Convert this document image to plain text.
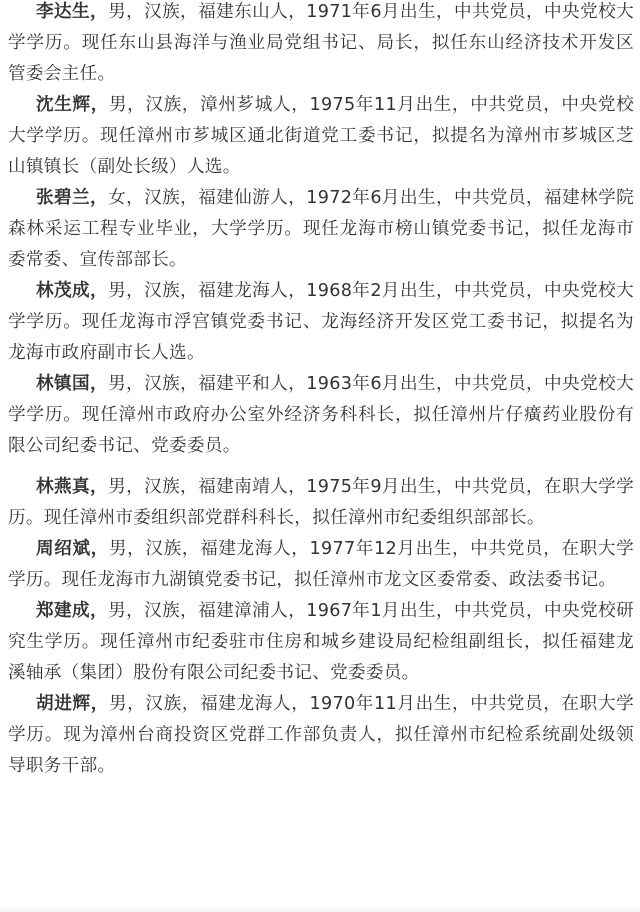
李达生，男，汉族，福建东山人，1971年6月出生，中共党员，中央党校大学学历。现任东山县海洋与渔业局党组书记、局长，拟任东山经济技术开发区管委会主任。

沈生辉，男，汉族，漳州芗城人，1975年11月出生，中共党员，中央党校大学学历。现任漳州市芗城区通北街道党工委书记，拟提名为漳州市芗城区芝山镇镇长（副处长级）人选。

张碧兰，女，汉族，福建仙游人，1972年6月出生，中共党员，福建林学院森林采运工程专业毕业，大学学历。现任龙海市榜山镇党委书记，拟任龙海市委常委、宣传部部长。

林茂成，男，汉族，福建龙海人，1968年2月出生，中共党员，中央党校大学学历。现任龙海市浮宫镇党委书记、龙海经济开发区党工委书记，拟提名为龙海市政府副市长人选。

林镇国，男，汉族，福建平和人，1963年6月出生，中共党员，中央党校大学学历。现任漳州市政府办公室外经济务科科长，拟任漳州片仔癀药业股份有限公司纪委书记、党委委员。

林燕真，男，汉族，福建南靖人，1975年9月出生，中共党员，在职大学学历。现任漳州市委组织部党群科科长，拟任漳州市纪委组织部部长。

周绍斌，男，汉族，福建龙海人，1977年12月出生，中共党员，在职大学学历。现任龙海市九湖镇党委书记，拟任漳州市龙文区委常委、政法委书记。

郑建成，男，汉族，福建漳浦人，1967年1月出生，中共党员，中央党校研究生学历。现任漳州市纪委驻市住房和城乡建设局纪检组副组长，拟任福建龙溪轴承（集团）股份有限公司纪委书记、党委委员。

胡进辉，男，汉族，福建龙海人，1970年11月出生，中共党员，在职大学学历。现为漳州台商投资区党群工作部负责人，拟任漳州市纪检系统副处级领导职务干部。
